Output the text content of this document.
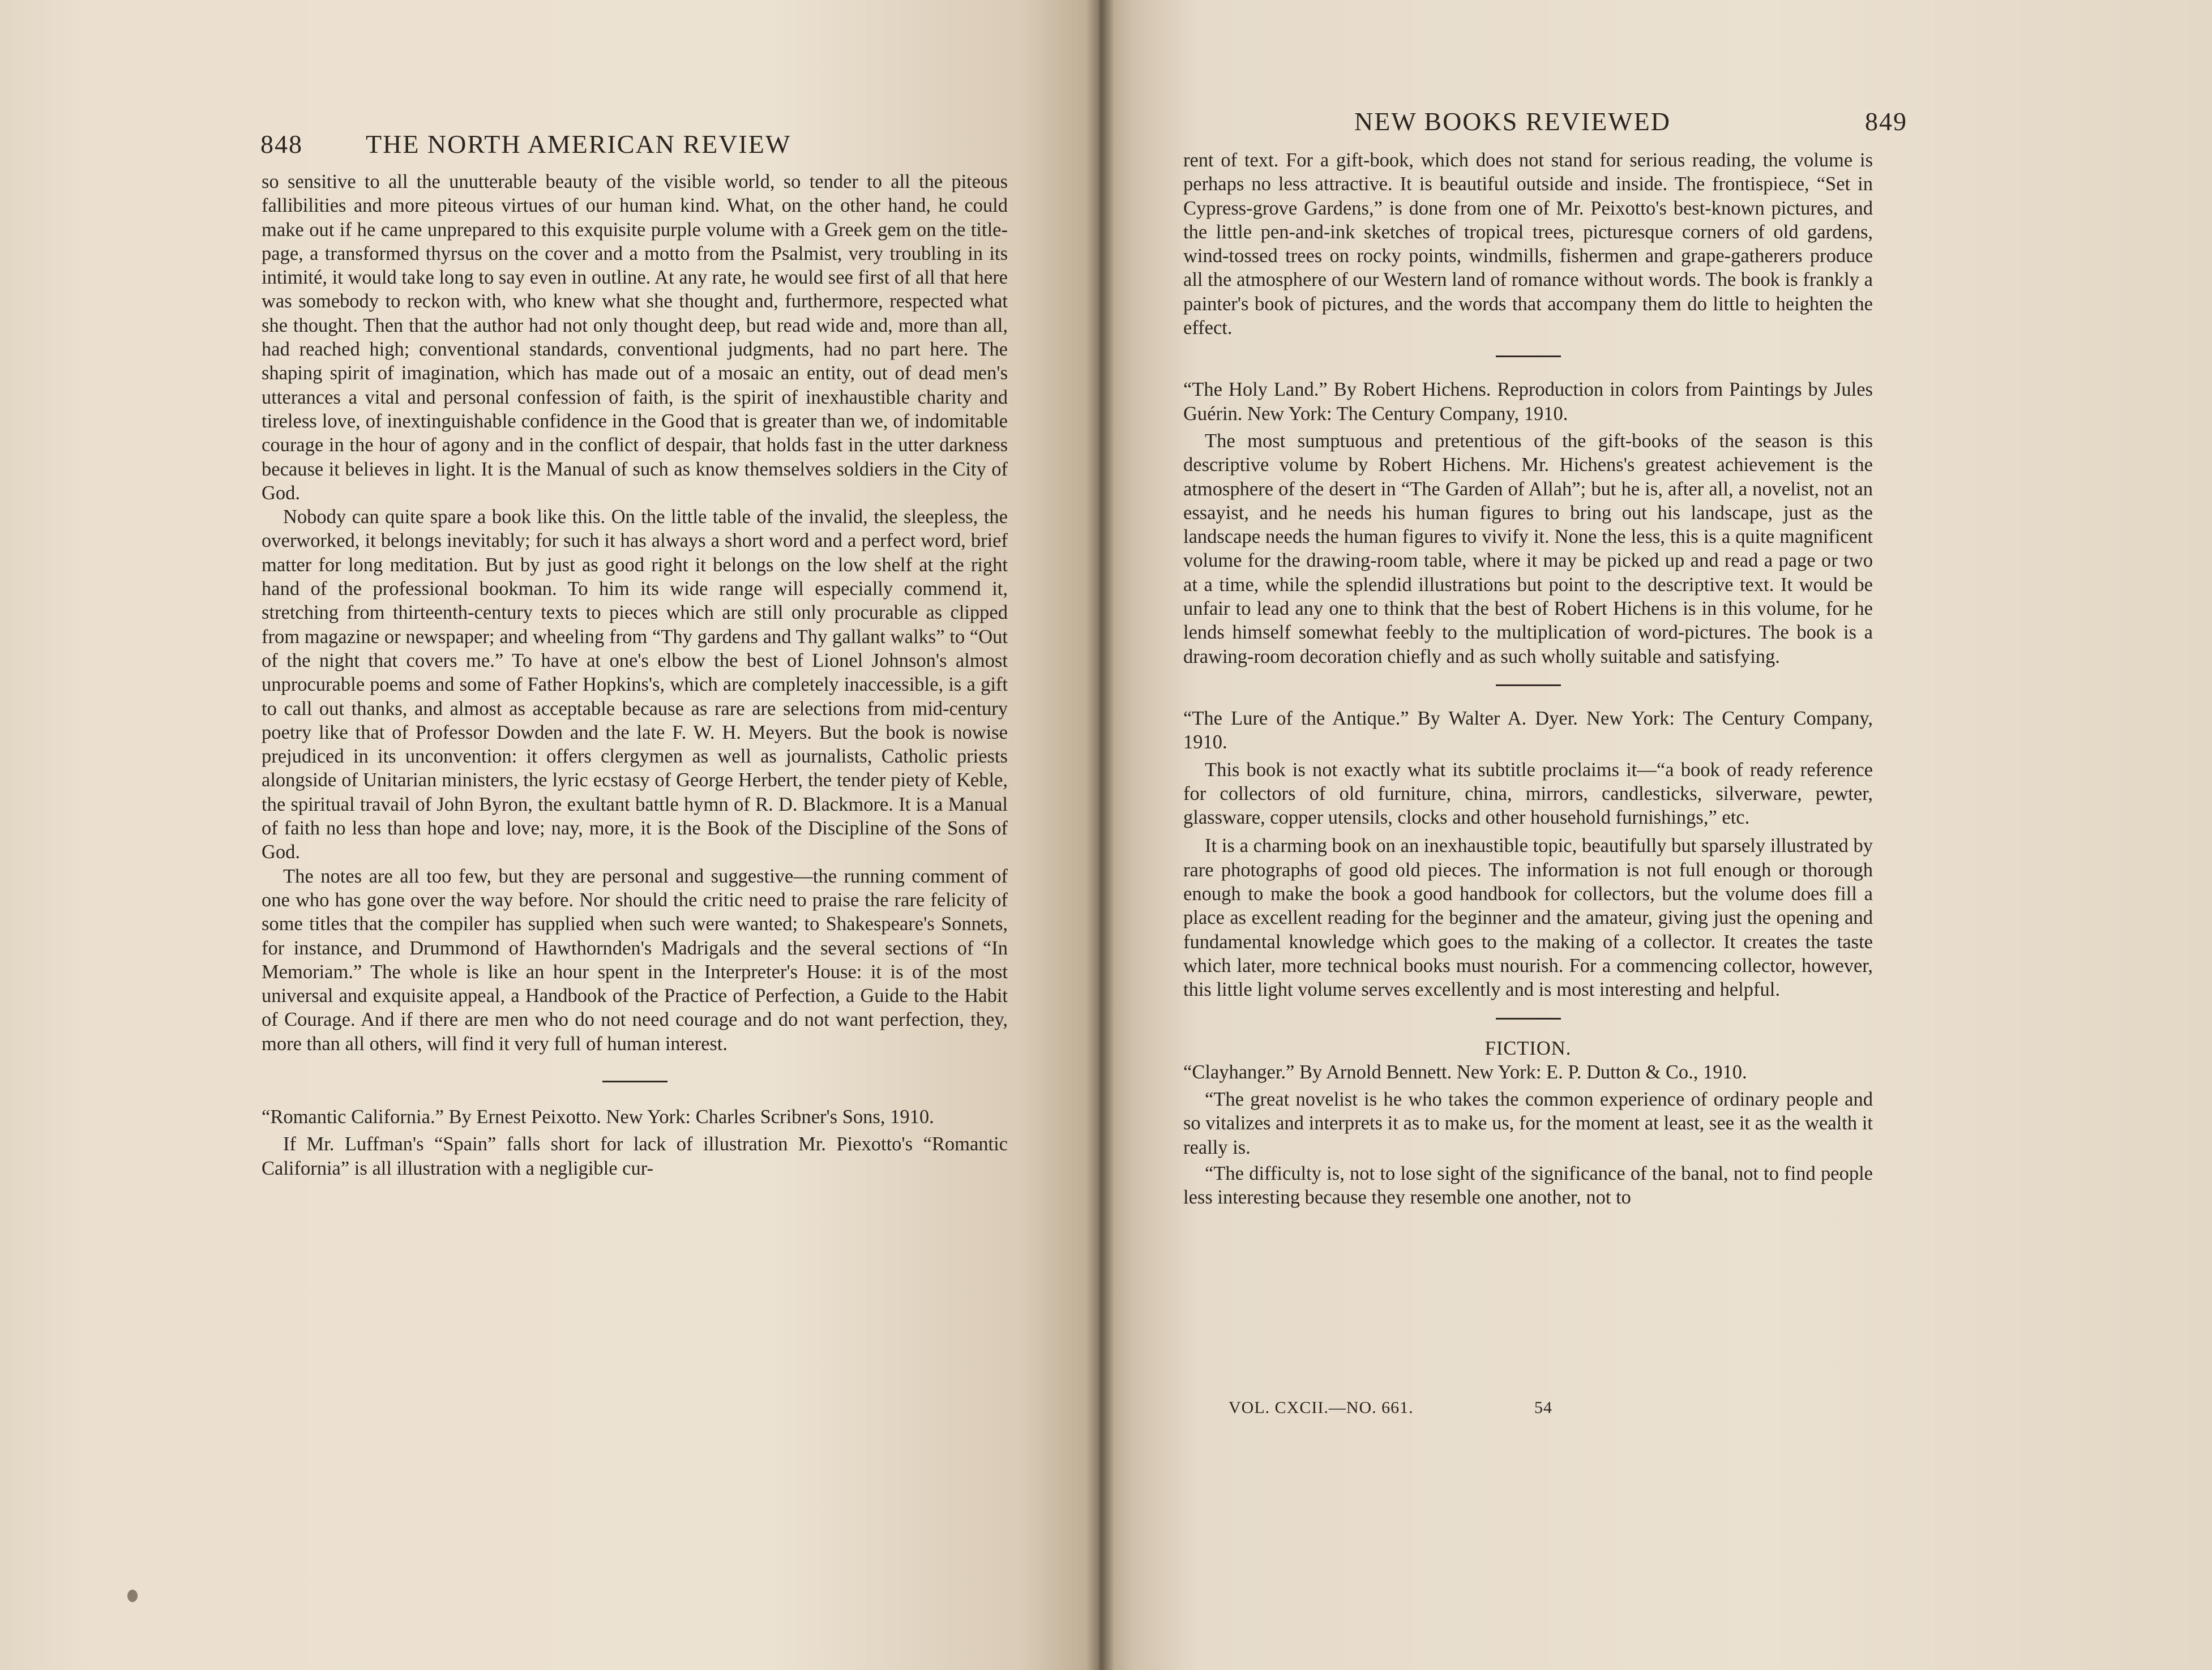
848 THE NORTH AMERICAN REVIEW

so sensitive to all the unutterable beauty of the visible world, so tender to all the piteous fallibilities and more piteous virtues of our human kind. What, on the other hand, he could make out if he came unprepared to this exquisite purple volume with a Greek gem on the title-page, a transformed thyrsus on the cover and a motto from the Psalmist, very troubling in its intimité, it would take long to say even in outline. At any rate, he would see first of all that here was somebody to reckon with, who knew what she thought and, furthermore, respected what she thought. Then that the author had not only thought deep, but read wide and, more than all, had reached high; conventional standards, conventional judgments, had no part here. The shaping spirit of imagination, which has made out of a mosaic an entity, out of dead men's utterances a vital and personal confession of faith, is the spirit of inexhaustible charity and tireless love, of inextinguishable confidence in the Good that is greater than we, of indomitable courage in the hour of agony and in the conflict of despair, that holds fast in the utter darkness because it believes in light. It is the Manual of such as know themselves soldiers in the City of God.

Nobody can quite spare a book like this. On the little table of the invalid, the sleepless, the overworked, it belongs inevitably; for such it has always a short word and a perfect word, brief matter for long meditation. But by just as good right it belongs on the low shelf at the right hand of the professional bookman. To him its wide range will especially commend it, stretching from thirteenth-century texts to pieces which are still only procurable as clipped from magazine or newspaper; and wheeling from “Thy gardens and Thy gallant walks” to “Out of the night that covers me.” To have at one's elbow the best of Lionel Johnson's almost unprocurable poems and some of Father Hopkins's, which are completely inaccessible, is a gift to call out thanks, and almost as acceptable because as rare are selections from mid-century poetry like that of Professor Dowden and the late F. W. H. Meyers. But the book is nowise prejudiced in its unconvention: it offers clergymen as well as journalists, Catholic priests alongside of Unitarian ministers, the lyric ecstasy of George Herbert, the tender piety of Keble, the spiritual travail of John Byron, the exultant battle hymn of R. D. Blackmore. It is a Manual of faith no less than hope and love; nay, more, it is the Book of the Discipline of the Sons of God.

The notes are all too few, but they are personal and suggestive—the running comment of one who has gone over the way before. Nor should the critic need to praise the rare felicity of some titles that the compiler has supplied when such were wanted; to Shakespeare's Sonnets, for instance, and Drummond of Hawthornden's Madrigals and the several sections of “In Memoriam.” The whole is like an hour spent in the Interpreter's House: it is of the most universal and exquisite appeal, a Handbook of the Practice of Perfection, a Guide to the Habit of Courage. And if there are men who do not need courage and do not want perfection, they, more than all others, will find it very full of human interest.

“Romantic California.” By Ernest Peixotto. New York: Charles Scribner's Sons, 1910.

If Mr. Luffman's “Spain” falls short for lack of illustration Mr. Piexotto's “Romantic California” is all illustration with a negligible cur-

NEW BOOKS REVIEWED	849

rent of text. For a gift-book, which does not stand for serious reading, the volume is perhaps no less attractive. It is beautiful outside and inside. The frontispiece, “Set in Cypress-grove Gardens,” is done from one of Mr. Peixotto's best-known pictures, and the little pen-and-ink sketches of tropical trees, picturesque corners of old gardens, wind-tossed trees on rocky points, windmills, fishermen and grape-gatherers produce all the atmosphere of our Western land of romance without words. The book is frankly a painter's book of pictures, and the words that accompany them do little to heighten the effect.

“The Holy Land.” By Robert Hichens. Reproduction in colors from Paintings by Jules Guérin. New York: The Century Company, 1910.

The most sumptuous and pretentious of the gift-books of the season is this descriptive volume by Robert Hichens. Mr. Hichens's greatest achievement is the atmosphere of the desert in “The Garden of Allah”; but he is, after all, a novelist, not an essayist, and he needs his human figures to bring out his landscape, just as the landscape needs the human figures to vivify it. None the less, this is a quite magnificent volume for the drawing-room table, where it may be picked up and read a page or two at a time, while the splendid illustrations but point to the descriptive text. It would be unfair to lead any one to think that the best of Robert Hichens is in this volume, for he lends himself somewhat feebly to the multiplication of word-pictures. The book is a drawing-room decoration chiefly and as such wholly suitable and satisfying.

“The Lure of the Antique.” By Walter A. Dyer. New York: The Century Company, 1910.

This book is not exactly what its subtitle proclaims it—“a book of ready reference for collectors of old furniture, china, mirrors, candlesticks, silverware, pewter, glassware, copper utensils, clocks and other household furnishings,” etc.

It is a charming book on an inexhaustible topic, beautifully but sparsely illustrated by rare photographs of good old pieces. The information is not full enough or thorough enough to make the book a good handbook for collectors, but the volume does fill a place as excellent reading for the beginner and the amateur, giving just the opening and fundamental knowledge which goes to the making of a collector. It creates the taste which later, more technical books must nourish. For a commencing collector, however, this little light volume serves excellently and is most interesting and helpful.

FICTION.

“Clayhanger.” By Arnold Bennett. New York: E. P. Dutton & Co., 1910.

“The great novelist is he who takes the common experience of ordinary people and so vitalizes and interprets it as to make us, for the moment at least, see it as the wealth it really is.

“The difficulty is, not to lose sight of the significance of the banal, not to find people less interesting because they resemble one another, not to

VOL. CXCII.—NO. 661.	54
